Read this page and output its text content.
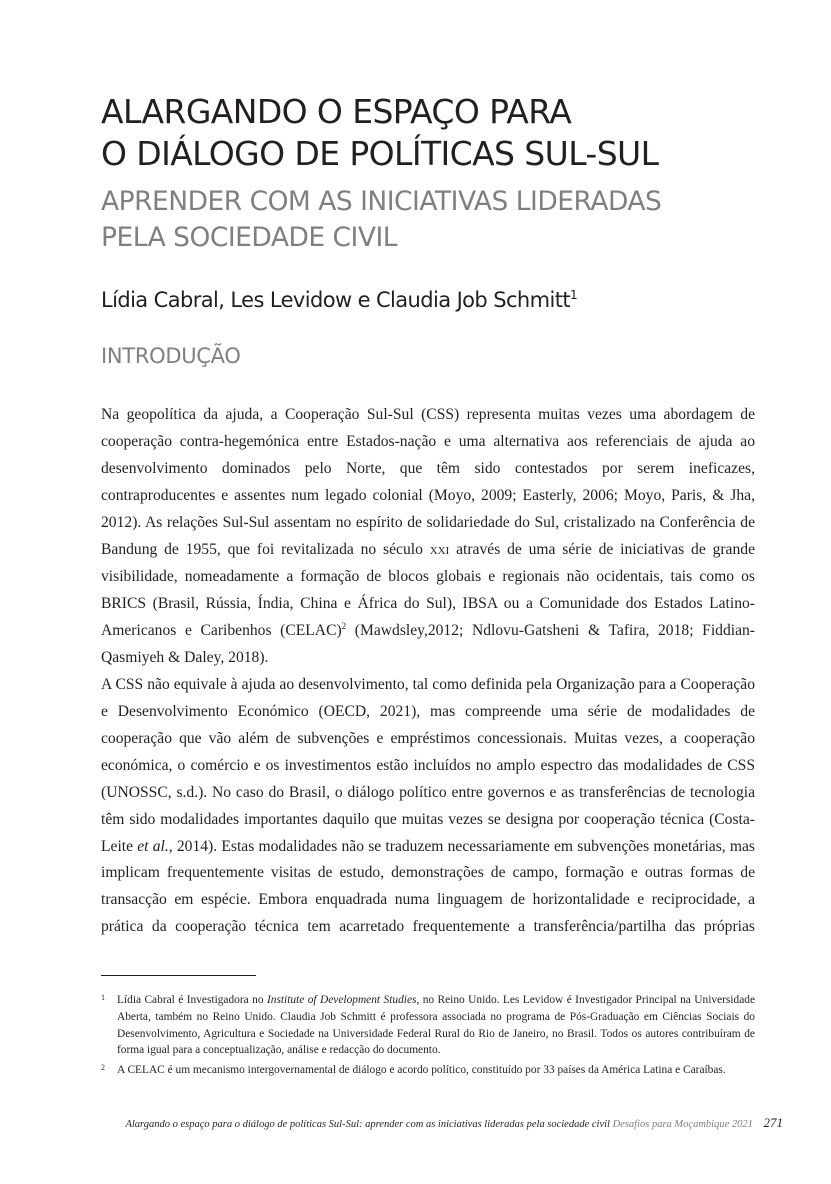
ALARGANDO O ESPAÇO PARA
O DIÁLOGO DE POLÍTICAS SUL-SUL
APRENDER COM AS INICIATIVAS LIDERADAS
PELA SOCIEDADE CIVIL
Lídia Cabral, Les Levidow e Claudia Job Schmitt$^1$
INTRODUÇÃO

Na geopolítica da ajuda, a Cooperação Sul-Sul (CSS) representa muitas vezes uma abordagem de cooperação contra-hegemónica entre Estados-nação e uma alternativa aos referenciais de ajuda ao desenvolvimento dominados pelo Norte, que têm sido contestados por serem ineficazes, contraproducentes e assentes num legado colonial (Moyo, 2009; Easterly, 2006; Moyo, Paris, & Jha, 2012). As relações Sul-Sul assentam no espírito de solidariedade do Sul, cristalizado na Conferência de Bandung de 1955, que foi revitalizada no século XXI através de uma série de iniciativas de grande visibilidade, nomeadamente a formação de blocos globais e regionais não ocidentais, tais como os BRICS (Brasil, Rússia, Índia, China e África do Sul), IBSA ou a Comunidade dos Estados Latino-Americanos e Caribenhos (CELAC)$^2$ (Mawdsley,2012; Ndlovu-Gatsheni & Tafira, 2018; Fiddian-Qasmiyeh & Daley, 2018).

A CSS não equivale à ajuda ao desenvolvimento, tal como definida pela Organização para a Cooperação e Desenvolvimento Económico (OECD, 2021), mas compreende uma série de modalidades de cooperação que vão além de subvenções e empréstimos concessionais. Muitas vezes, a cooperação económica, o comércio e os investimentos estão incluídos no amplo espectro das modalidades de CSS (UNOSSC, s.d.). No caso do Brasil, o diálogo político entre governos e as transferências de tecnologia têm sido modalidades importantes daquilo que muitas vezes se designa por cooperação técnica (Costa-Leite et al., 2014). Estas modalidades não se traduzem necessariamente em subvenções monetárias, mas implicam frequentemente visitas de estudo, demonstrações de campo, formação e outras formas de transacção em espécie. Embora enquadrada numa linguagem de horizontalidade e reciprocidade, a prática da cooperação técnica tem acarretado frequentemente a transferência/partilha das próprias

1 Lídia Cabral é Investigadora no Institute of Development Studies, no Reino Unido. Les Levidow é Investigador Principal na Universidade Aberta, também no Reino Unido. Claudia Job Schmitt é professora associada no programa de Pós-Graduação em Ciências Sociais do Desenvolvimento, Agricultura e Sociedade na Universidade Federal Rural do Rio de Janeiro, no Brasil. Todos os autores contribuíram de forma igual para a conceptualização, análise e redacção do documento.
2 A CELAC é um mecanismo intergovernamental de diálogo e acordo político, constituído por 33 países da América Latina e Caraíbas.
Alargando o espaço para o diálogo de políticas Sul-Sul: aprender com as iniciativas lideradas pela sociedade civil Desafios para Moçambique 2021 271
